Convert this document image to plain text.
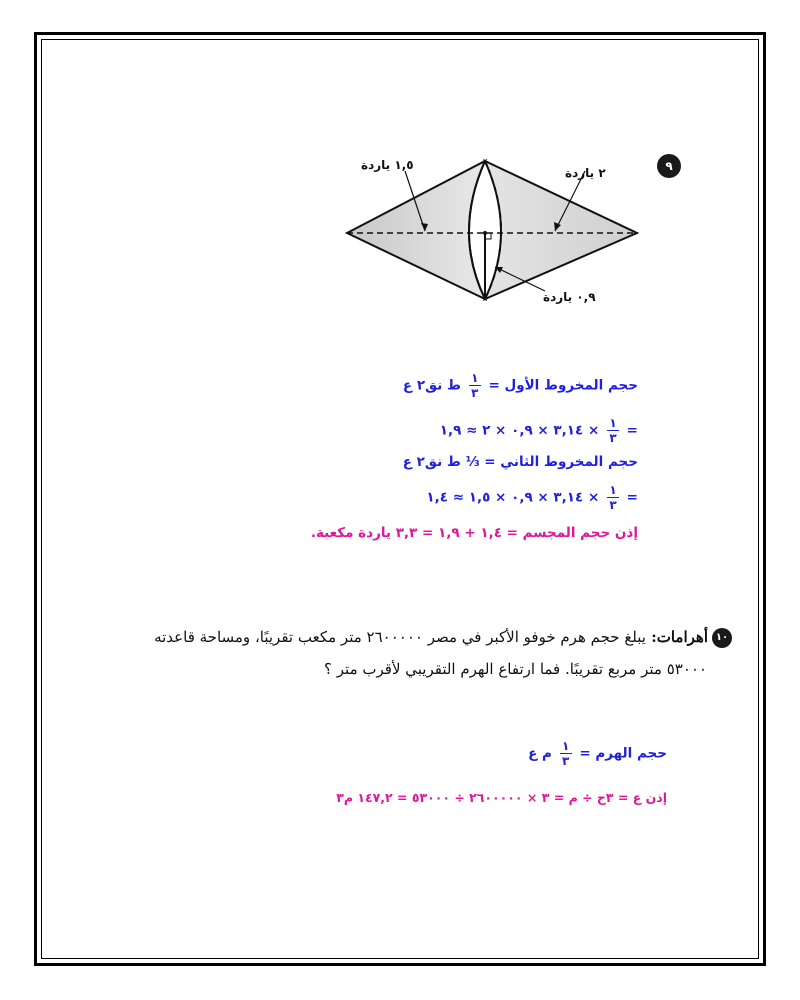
٩
١,٥ ياردة
٢ ياردة
٠,٩ ياردة
حجم المخروط الأول =
$\frac{١}{٣}$
ط نق٢ ع
=
$\frac{١}{٣}$
× ٣,١٤ × ٠,٩ × ٢ ≈ ١,٩
حجم المخروط الثاني = ⅓ ط نق٢ ع
=
$\frac{١}{٣}$
× ٣,١٤ × ٠,٩ × ١,٥ ≈ ١,٤
إذن حجم المجسم = ١,٤ + ١,٩ = ٣,٣ ياردة مكعبة.
١٠
أهرامات: يبلغ حجم هرم خوفو الأكبر في مصر ٢٦٠٠٠٠٠ متر مكعب تقريبًا، ومساحة قاعدته
٥٣٠٠٠ متر مربع تقريبًا. فما ارتفاع الهرم التقريبي لأقرب متر ؟
حجم الهرم =
$\frac{١}{٣}$
م ع
إذن ع = ٣ح ÷ م = ٣ × ٢٦٠٠٠٠٠ ÷ ٥٣٠٠٠ = ١٤٧,٢ م٣
